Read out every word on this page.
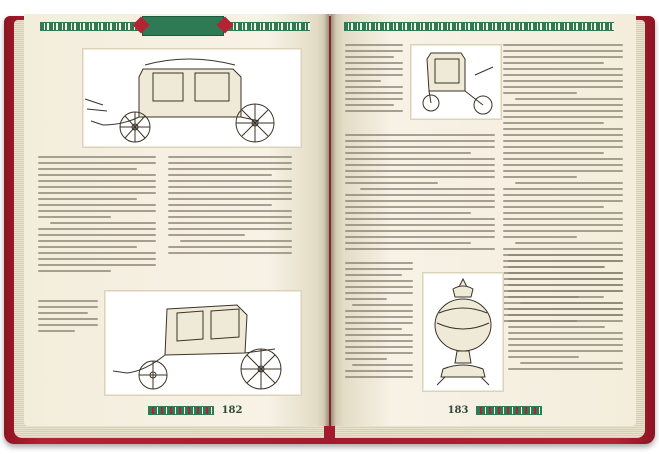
182	183
